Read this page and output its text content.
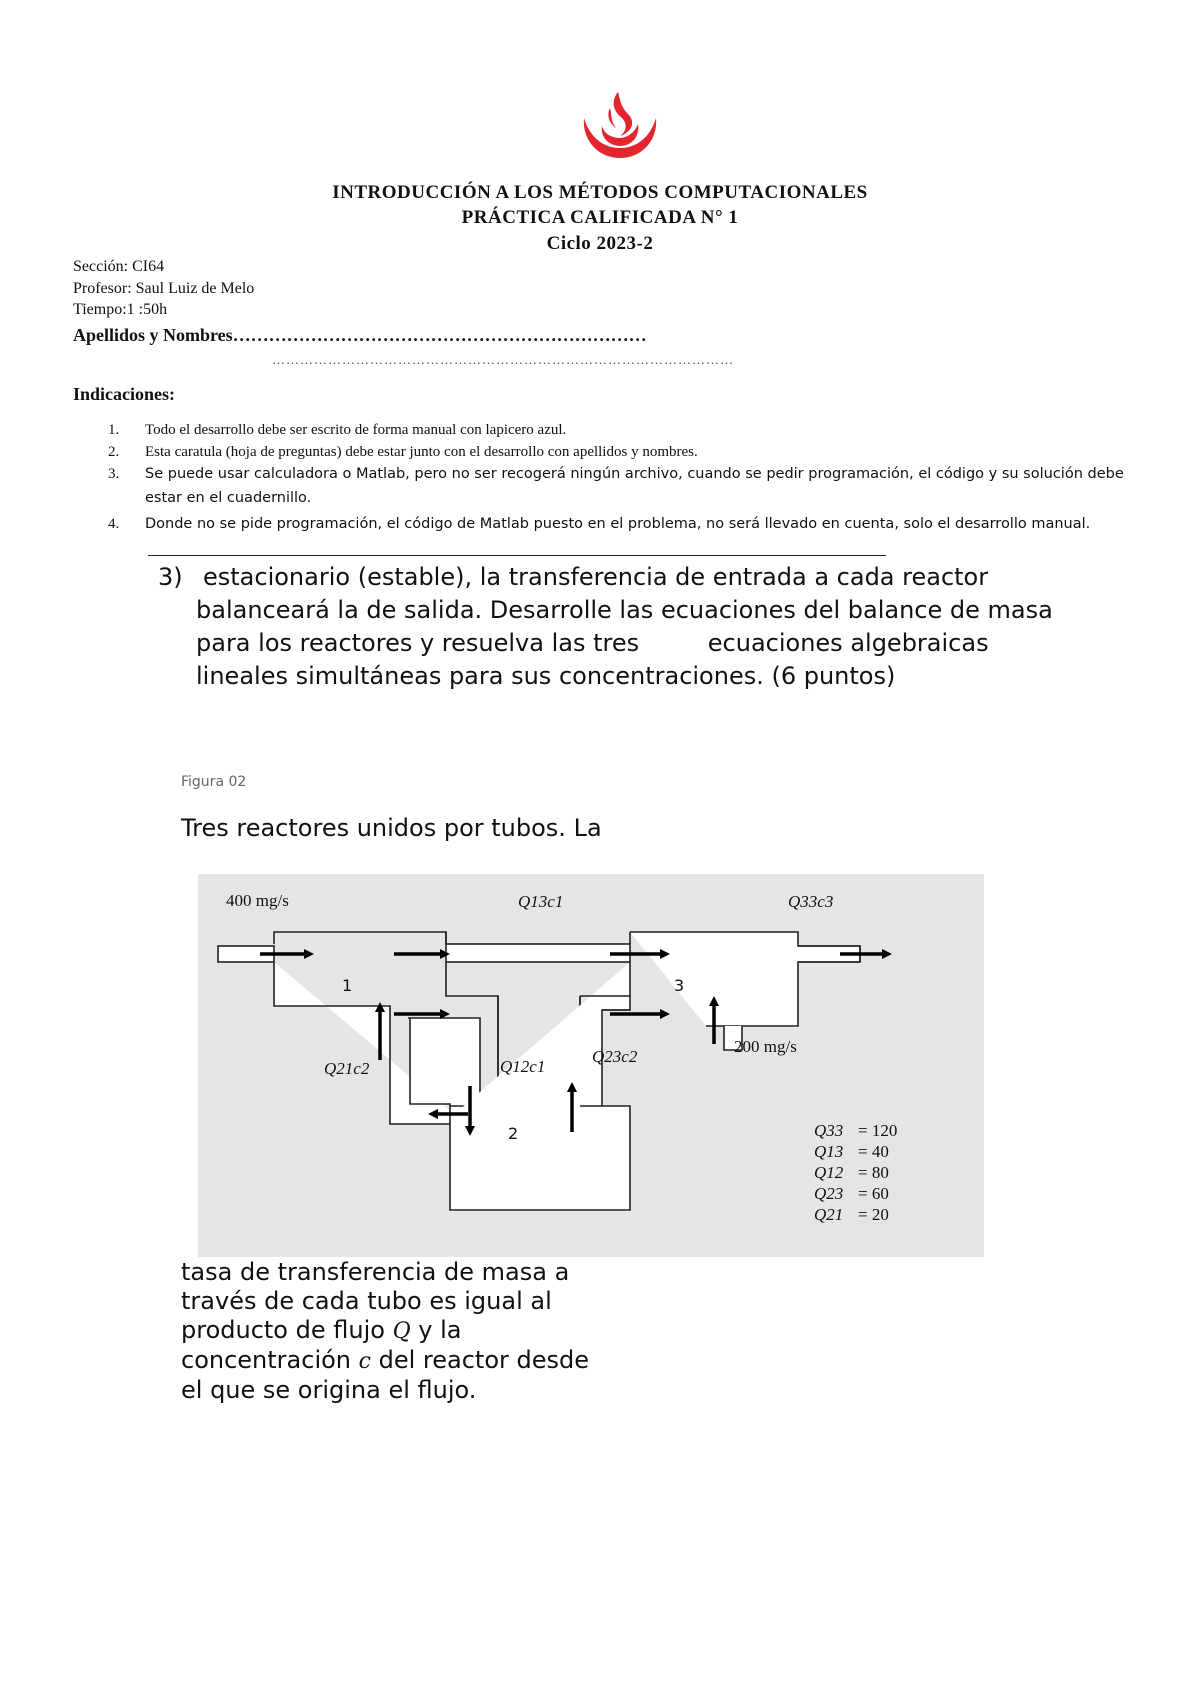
INTRODUCCIÓN A LOS MÉTODOS COMPUTACIONALES
PRÁCTICA CALIFICADA N° 1
Ciclo 2023-2
Sección: CI64
Profesor: Saul Luiz de Melo
Tiempo:1 :50h
Apellidos y Nombres……………………………………………………………
………………………………………………………………………………………
Indicaciones:
1. Todo el desarrollo debe ser escrito de forma manual con lapicero azul.
2. Esta caratula (hoja de preguntas) debe estar junto con el desarrollo con apellidos y nombres.
3. Se puede usar calculadora o Matlab, pero no ser recogerá ningún archivo, cuando se pedir programación, el código y su solución debe estar en el cuadernillo.
4. Donde no se pide programación, el código de Matlab puesto en el problema, no será llevado en cuenta, solo el desarrollo manual.
3) estacionario (estable), la transferencia de entrada a cada reactor
balanceará la de salida. Desarrolle las ecuaciones del balance de masa
para los reactores y resuelva las tres         ecuaciones algebraicas
lineales simultáneas para sus concentraciones. (6 puntos)
Figura 02
Tres reactores unidos por tubos. La
400 mg/s
200 mg/s
Q13c1	Q33c3
Q21c2	Q12c1
Q23c2
1
2
3
Q33 = 120
Q13 = 40
Q12 = 80
Q23 = 60
Q21 = 20
tasa de transferencia de masa a
través de cada tubo es igual al
producto de flujo Q y la
concentración c del reactor desde
el que se origina el flujo.
